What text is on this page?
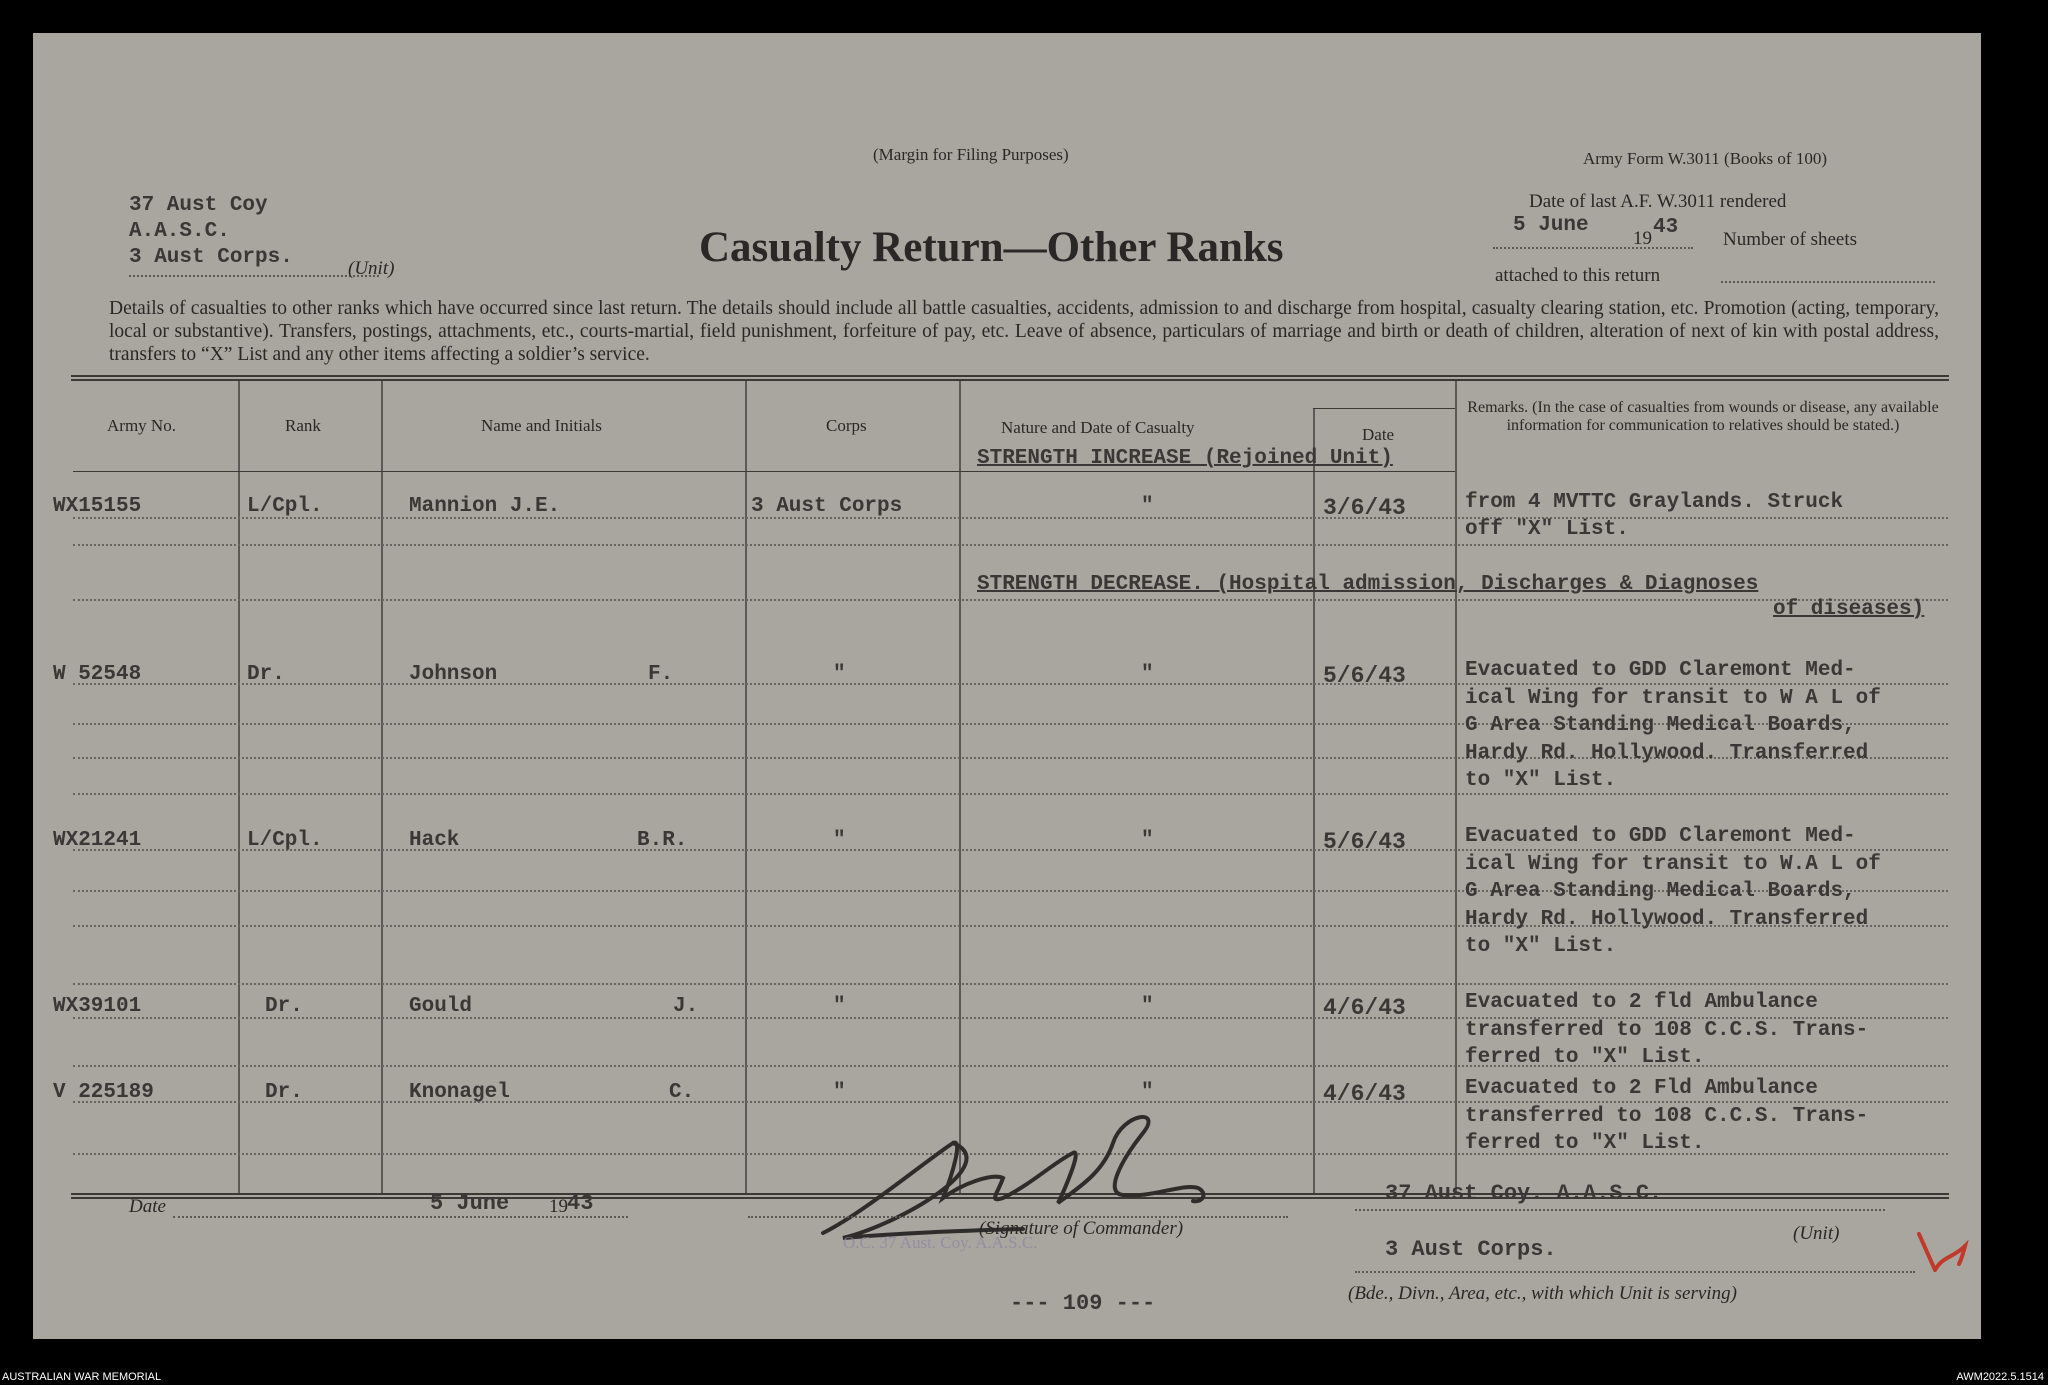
(Margin for Filing Purposes)	Army Form W.3011 (Books of 100)
37 Aust Coy
A.A.S.C.
3 Aust Corps.	(Unit)	Casualty Return—Other Ranks
Date of last A.F. W.3011 rendered
5 June
19 43
Number of sheets
attached to this return
Details of casualties to other ranks which have occurred since last return. The details should include all battle casualties, accidents, admission to and discharge from hospital, casualty clearing station, etc. Promotion (acting, temporary, local or substantive). Transfers, postings, attachments, etc., courts-martial, field punishment, forfeiture of pay, etc. Leave of absence, particulars of marriage and birth or death of children, alteration of next of kin with postal address, transfers to “X” List and any other items affecting a soldier’s service.
Army No.	Rank	Name and Initials	Corps	Nature and Date of Casualty	Date
Remarks. (In the case of casualties from wounds or disease, any available information for communication to relatives should be stated.)
STRENGTH INCREASE (Rejoined Unit)
STRENGTH DECREASE. (Hospital admission, Discharges & Diagnoses
of diseases)
WX15155	L/Cpl.	Mannion J.E.	3 Aust Corps	"	3/6/43	from 4 MVTTC Graylands. Struck
off "X" List.
W 52548	Dr.	Johnson	F.	"	"	5/6/43	Evacuated to GDD Claremont Med-
ical Wing for transit to W A L of
G Area Standing Medical Boards,
Hardy Rd. Hollywood. Transferred
to "X" List.
WX21241	L/Cpl.	Hack	B.R.	"	"	5/6/43	Evacuated to GDD Claremont Med-
ical Wing for transit to W.A L of
G Area Standing Medical Boards,
Hardy Rd. Hollywood. Transferred
to "X" List.
WX39101	Dr.	Gould	J.	"	"	4/6/43	Evacuated to 2 fld Ambulance
transferred to 108 C.C.S. Trans-
ferred to "X" List.
V 225189	Dr.	Knonagel	C.	"	"	4/6/43	Evacuated to 2 Fld Ambulance
transferred to 108 C.C.S. Trans-
ferred to "X" List.
Date	5 June 19 43
O.C. 37 Aust. Coy. A.A.S.C.
(Signature of Commander)
37 Aust Coy. A.A.S.C.
(Unit)
3 Aust Corps.
(Bde., Divn., Area, etc., with which Unit is serving)
--- 109 ---
AUSTRALIAN WAR MEMORIAL	AWM2022.5.1514
